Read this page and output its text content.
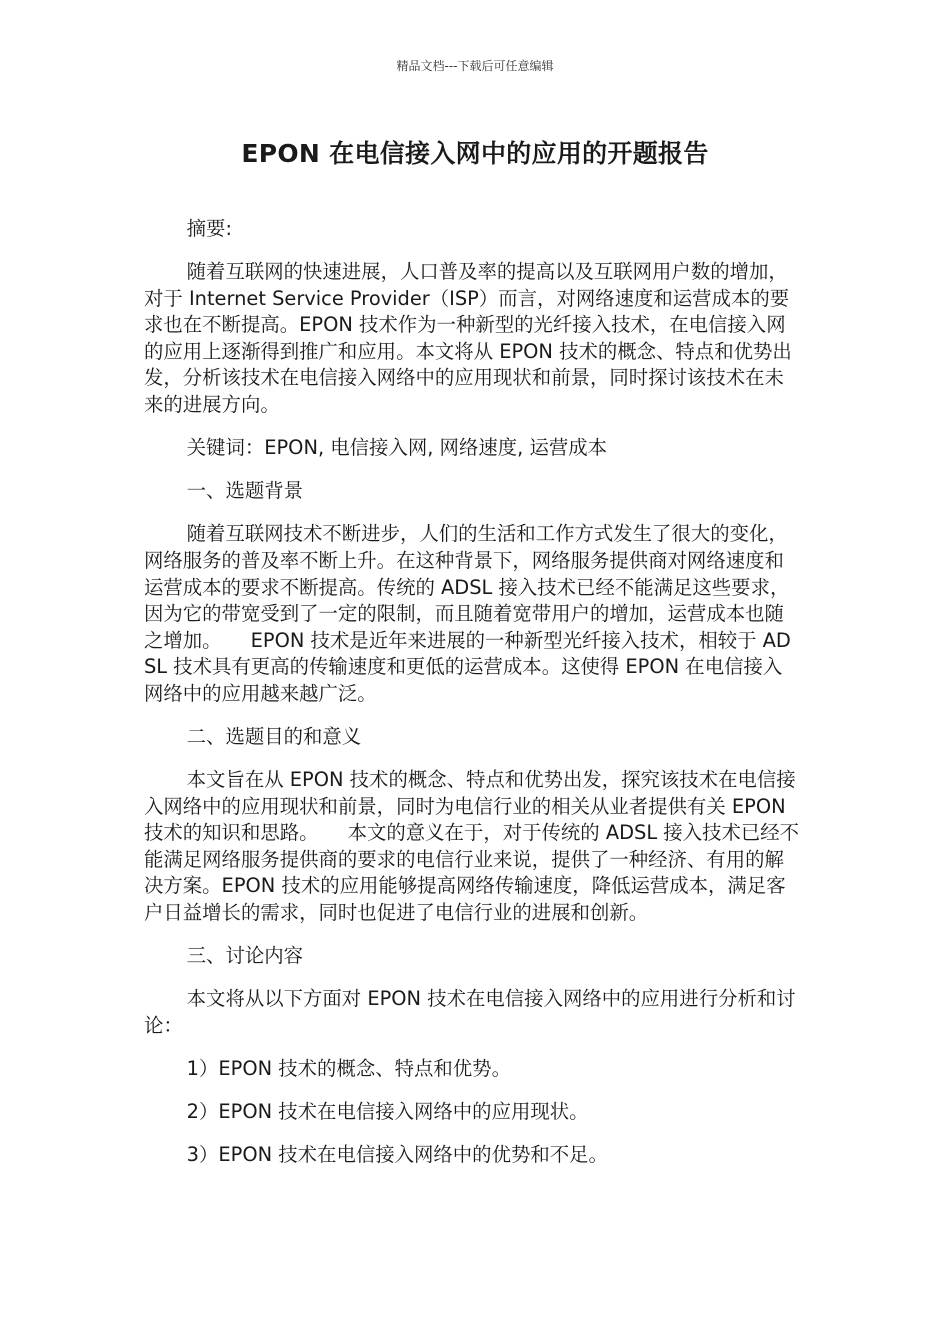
精品文档---下载后可任意编辑
EPON 在电信接入网中的应用的开题报告

摘要:

随着互联网的快速进展，人口普及率的提高以及互联网用户数的增加，对于 Internet Service Provider（ISP）而言，对网络速度和运营成本的要求也在不断提高。EPON 技术作为一种新型的光纤接入技术，在电信接入网的应用上逐渐得到推广和应用。本文将从 EPON 技术的概念、特点和优势出发，分析该技术在电信接入网络中的应用现状和前景，同时探讨该技术在未来的进展方向。

关键词：EPON, 电信接入网, 网络速度, 运营成本

一、选题背景

随着互联网技术不断进步，人们的生活和工作方式发生了很大的变化，网络服务的普及率不断上升。在这种背景下，网络服务提供商对网络速度和运营成本的要求不断提高。传统的 ADSL 接入技术已经不能满足这些要求，因为它的带宽受到了一定的限制，而且随着宽带用户的增加，运营成本也随之增加。　　EPON 技术是近年来进展的一种新型光纤接入技术，相较于 ADSL 技术具有更高的传输速度和更低的运营成本。这使得 EPON 在电信接入网络中的应用越来越广泛。

二、选题目的和意义

本文旨在从 EPON 技术的概念、特点和优势出发，探究该技术在电信接入网络中的应用现状和前景，同时为电信行业的相关从业者提供有关 EPON 技术的知识和思路。　　本文的意义在于，对于传统的 ADSL 接入技术已经不能满足网络服务提供商的要求的电信行业来说，提供了一种经济、有用的解决方案。EPON 技术的应用能够提高网络传输速度，降低运营成本，满足客户日益增长的需求，同时也促进了电信行业的进展和创新。

三、讨论内容

本文将从以下方面对 EPON 技术在电信接入网络中的应用进行分析和讨论：

1）EPON 技术的概念、特点和优势。

2）EPON 技术在电信接入网络中的应用现状。

3）EPON 技术在电信接入网络中的优势和不足。
